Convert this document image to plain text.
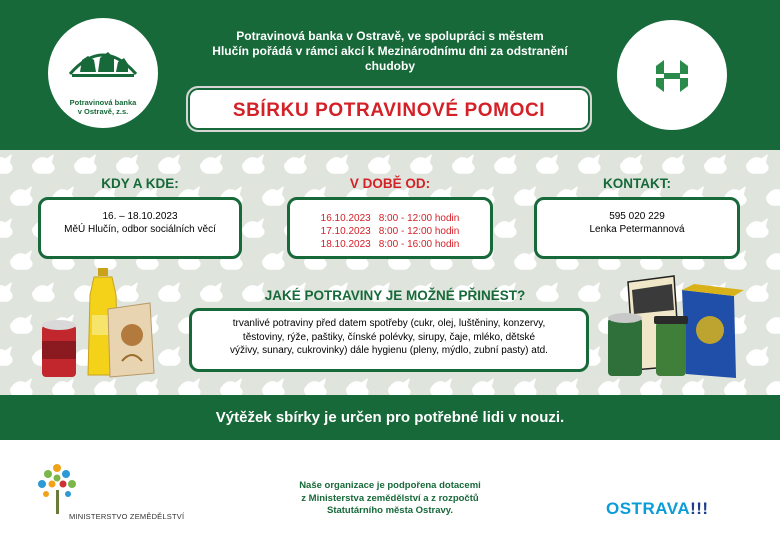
Potravinová banka
v Ostravě, z.s.
Potravinová banka v Ostravě, ve spolupráci s městem
Hlučín pořádá v rámci akcí k Mezinárodnímu dni za odstranění
chudoby
SBÍRKU POTRAVINOVÉ POMOCI
KDY A KDE:
16. – 18.10.2023
MěÚ Hlučín, odbor sociálních věcí
V DOBĚ OD:
16.10.2023 8:00 - 12:00 hodin
17.10.2023 8:00 - 12:00 hodin
18.10.2023 8:00 - 16:00 hodin
KONTAKT:
595 020 229
Lenka Petermannová
JAKÉ POTRAVINY JE MOŽNÉ PŘINÉST?
trvanlivé potraviny před datem spotřeby (cukr, olej, luštěniny, konzervy,
těstoviny, rýže, paštiky, čínské polévky, sirupy, čaje, mléko, dětské
výživy, sunary, cukrovinky) dále hygienu (pleny, mýdlo, zubní pasty) atd.
Výtěžek sbírky je určen pro potřebné lidi v nouzi.
MINISTERSTVO ZEMĚDĚLSTVÍ
Naše organizace je podpořena dotacemi
z Ministerstva zemědělství a z rozpočtů
Statutárního města Ostravy.	OSTRAVA!!!
